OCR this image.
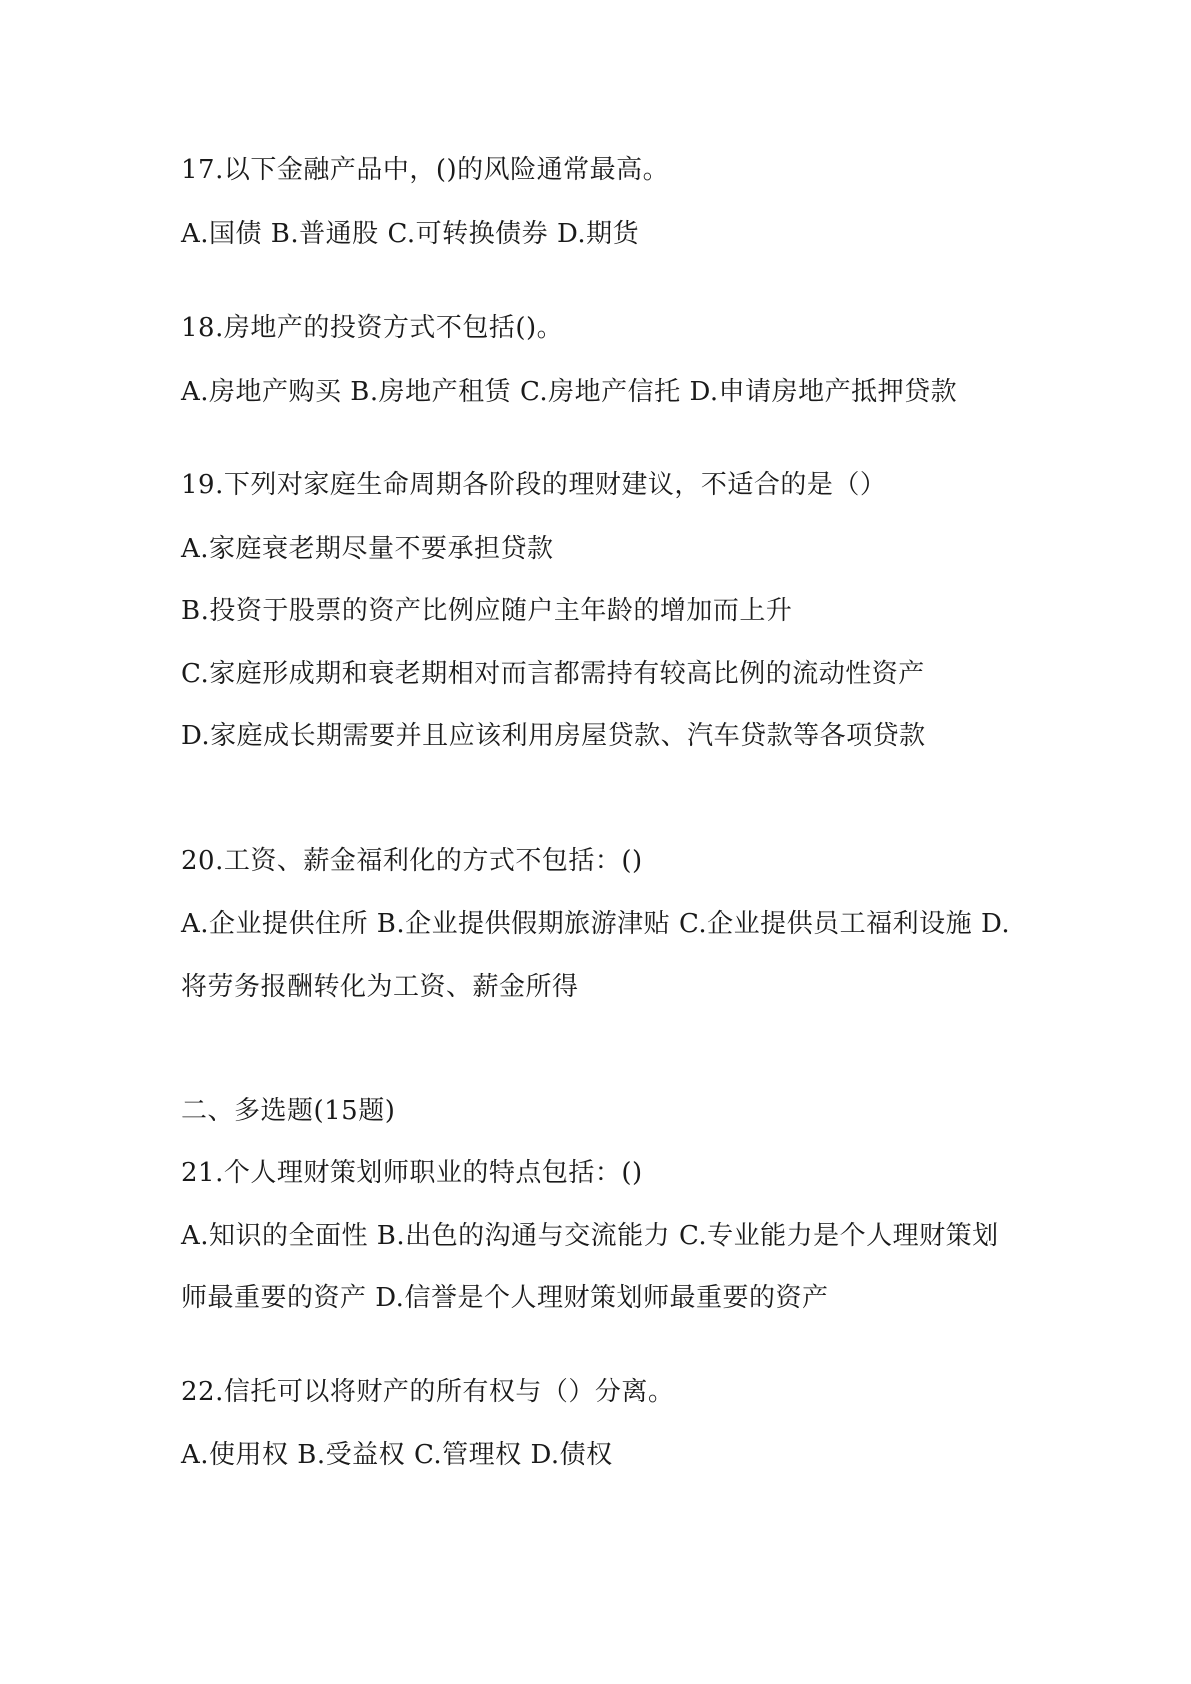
17.以下金融产品中，()的风险通常最高。
A.国债 B.普通股 C.可转换债券 D.期货
18.房地产的投资方式不包括()。
A.房地产购买 B.房地产租赁 C.房地产信托 D.申请房地产抵押贷款
19.下列对家庭生命周期各阶段的理财建议，不适合的是（）
A.家庭衰老期尽量不要承担贷款
B.投资于股票的资产比例应随户主年龄的增加而上升
C.家庭形成期和衰老期相对而言都需持有较高比例的流动性资产
D.家庭成长期需要并且应该利用房屋贷款、汽车贷款等各项贷款
20.工资、薪金福利化的方式不包括：()
A.企业提供住所 B.企业提供假期旅游津贴 C.企业提供员工福利设施 D.
将劳务报酬转化为工资、薪金所得
二、多选题(15题)
21.个人理财策划师职业的特点包括：()
A.知识的全面性 B.出色的沟通与交流能力 C.专业能力是个人理财策划
师最重要的资产 D.信誉是个人理财策划师最重要的资产
22.信托可以将财产的所有权与（）分离。
A.使用权 B.受益权 C.管理权 D.债权
